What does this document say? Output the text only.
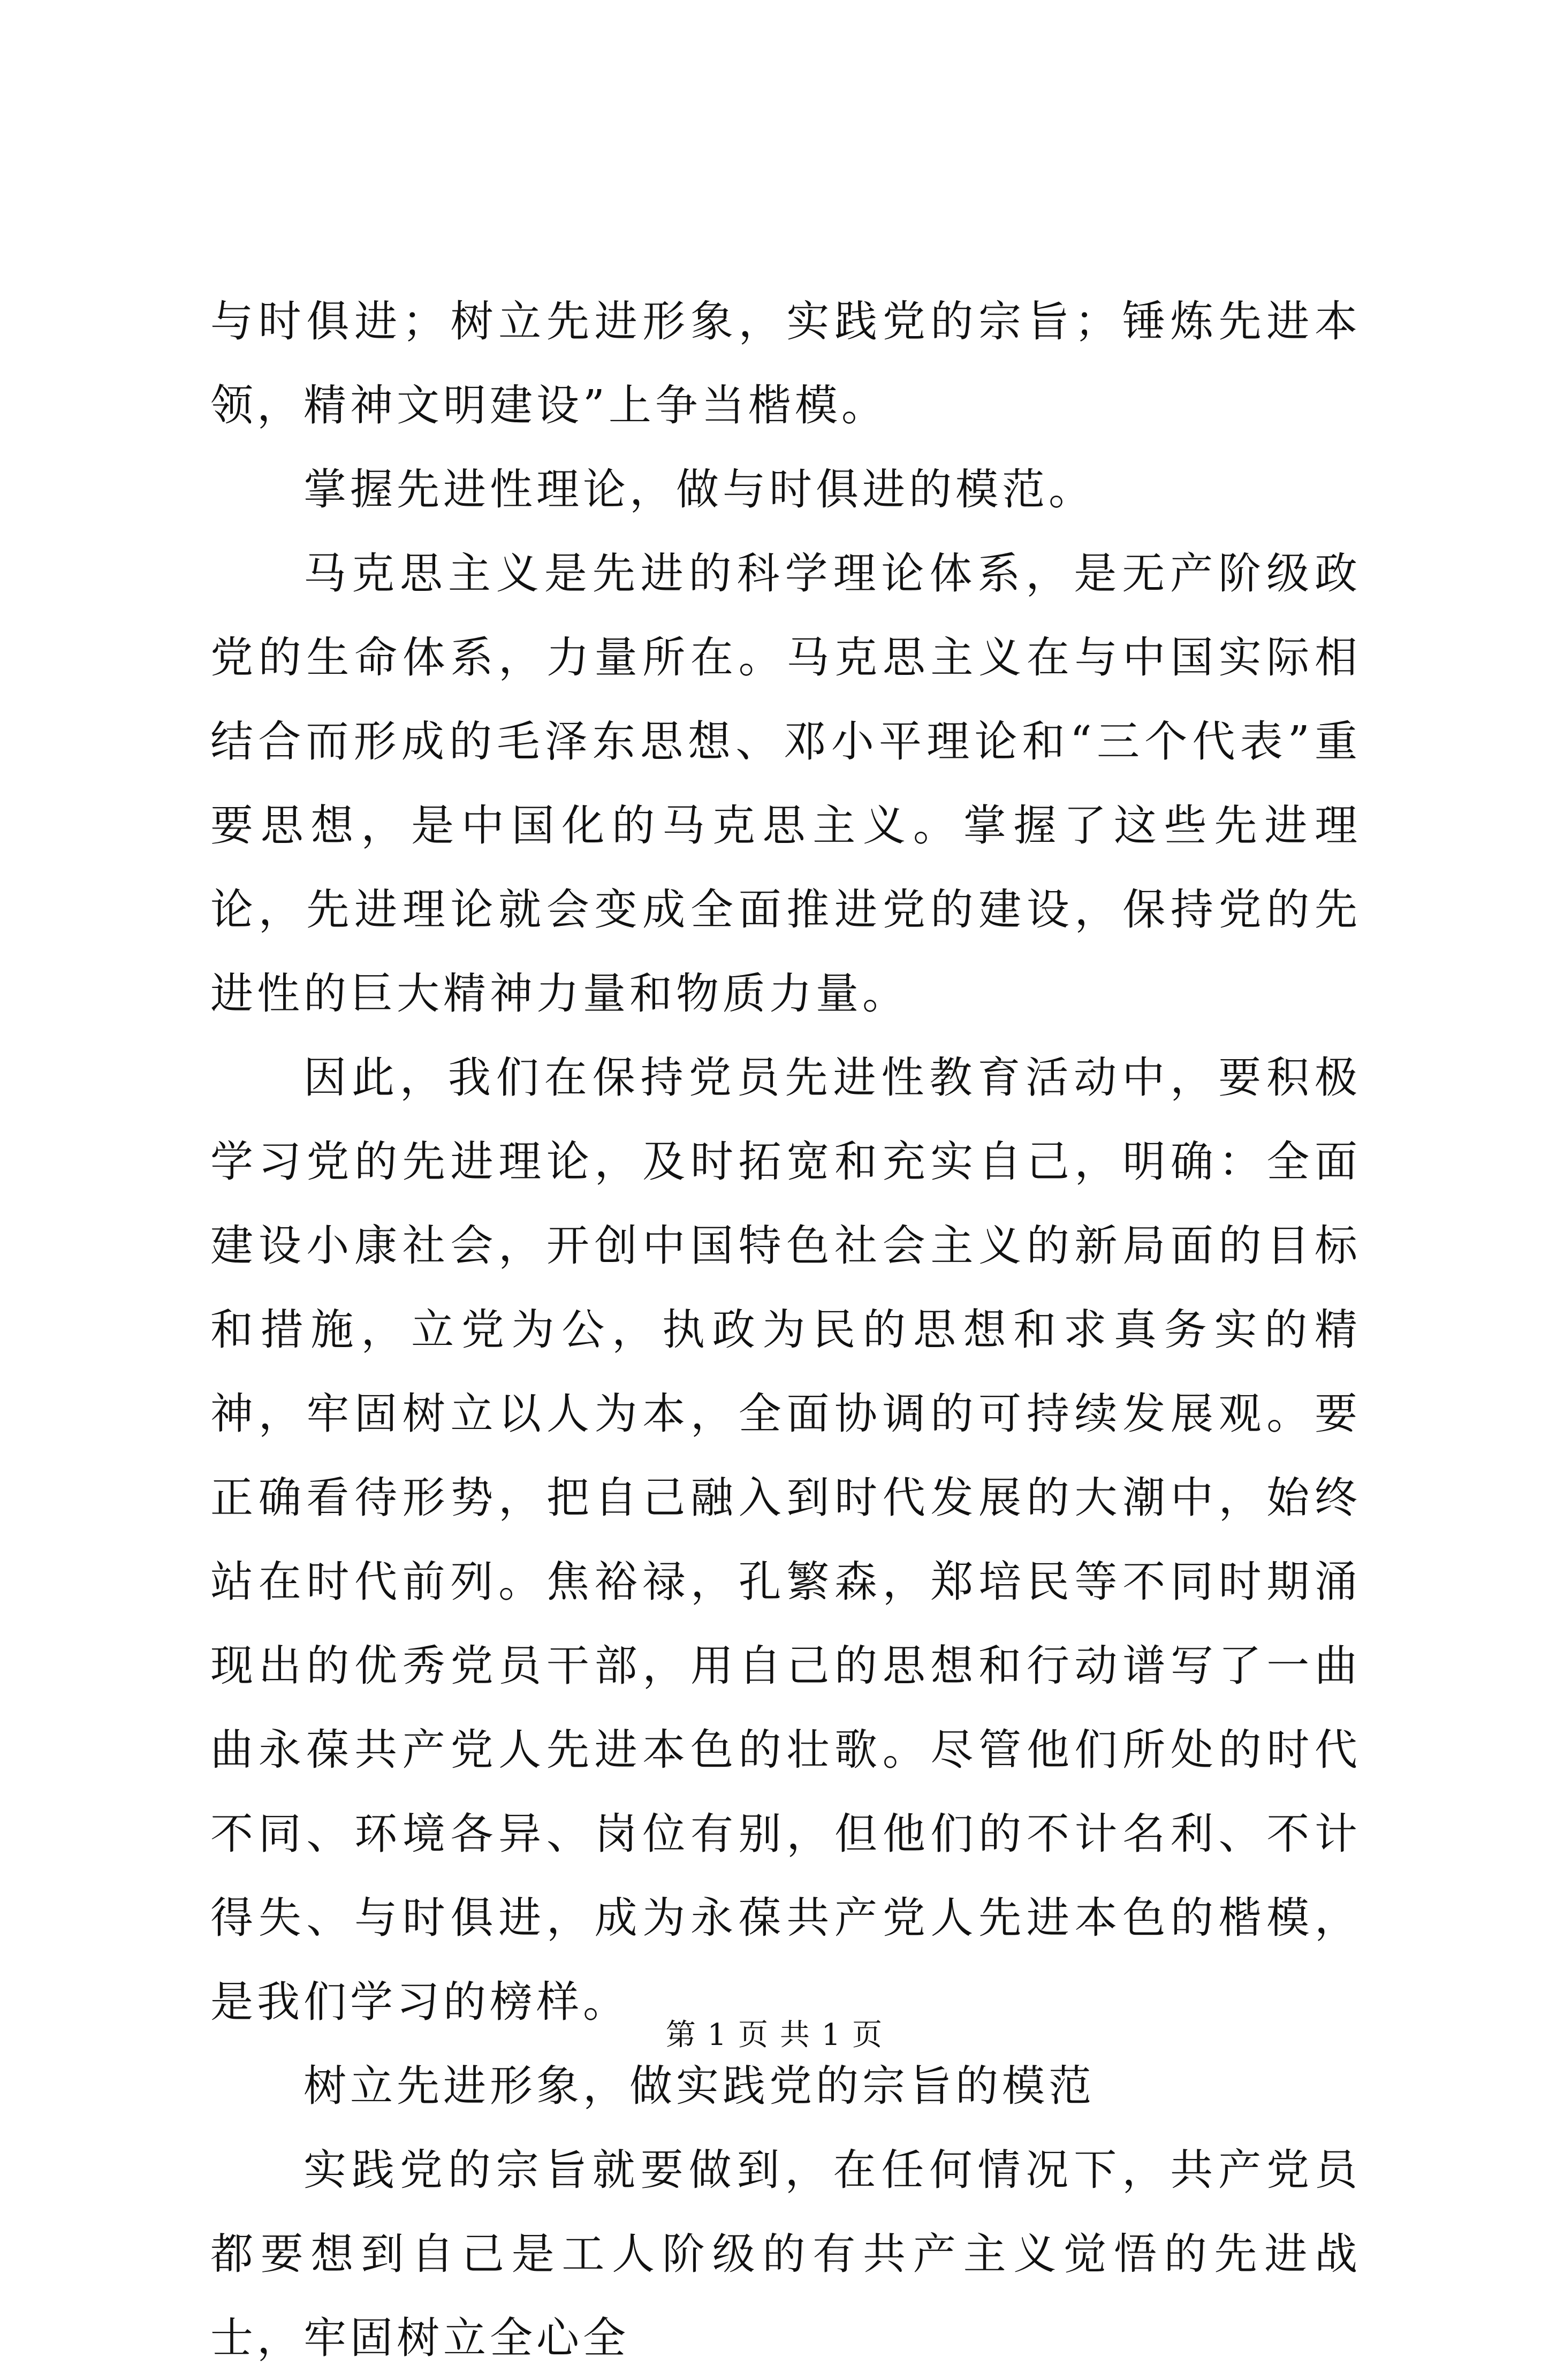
与时俱进；树立先进形象，实践党的宗旨；锤炼先进本领，精神文明建设”上争当楷模。

掌握先进性理论，做与时俱进的模范。

马克思主义是先进的科学理论体系，是无产阶级政党的生命体系，力量所在。马克思主义在与中国实际相结合而形成的毛泽东思想、邓小平理论和“三个代表”重要思想，是中国化的马克思主义。掌握了这些先进理论，先进理论就会变成全面推进党的建设，保持党的先进性的巨大精神力量和物质力量。

因此，我们在保持党员先进性教育活动中，要积极学习党的先进理论，及时拓宽和充实自己，明确：全面建设小康社会，开创中国特色社会主义的新局面的目标和措施，立党为公，执政为民的思想和求真务实的精神，牢固树立以人为本，全面协调的可持续发展观。要正确看待形势，把自己融入到时代发展的大潮中，始终站在时代前列。焦裕禄，孔繁森，郑培民等不同时期涌现出的优秀党员干部，用自己的思想和行动谱写了一曲曲永葆共产党人先进本色的壮歌。尽管他们所处的时代不同、环境各异、岗位有别，但他们的不计名利、不计得失、与时俱进，成为永葆共产党人先进本色的楷模，是我们学习的榜样。

树立先进形象，做实践党的宗旨的模范

实践党的宗旨就要做到，在任何情况下，共产党员都要想到自己是工人阶级的有共产主义觉悟的先进战士，牢固树立全心全

第 1 页 共 1 页
